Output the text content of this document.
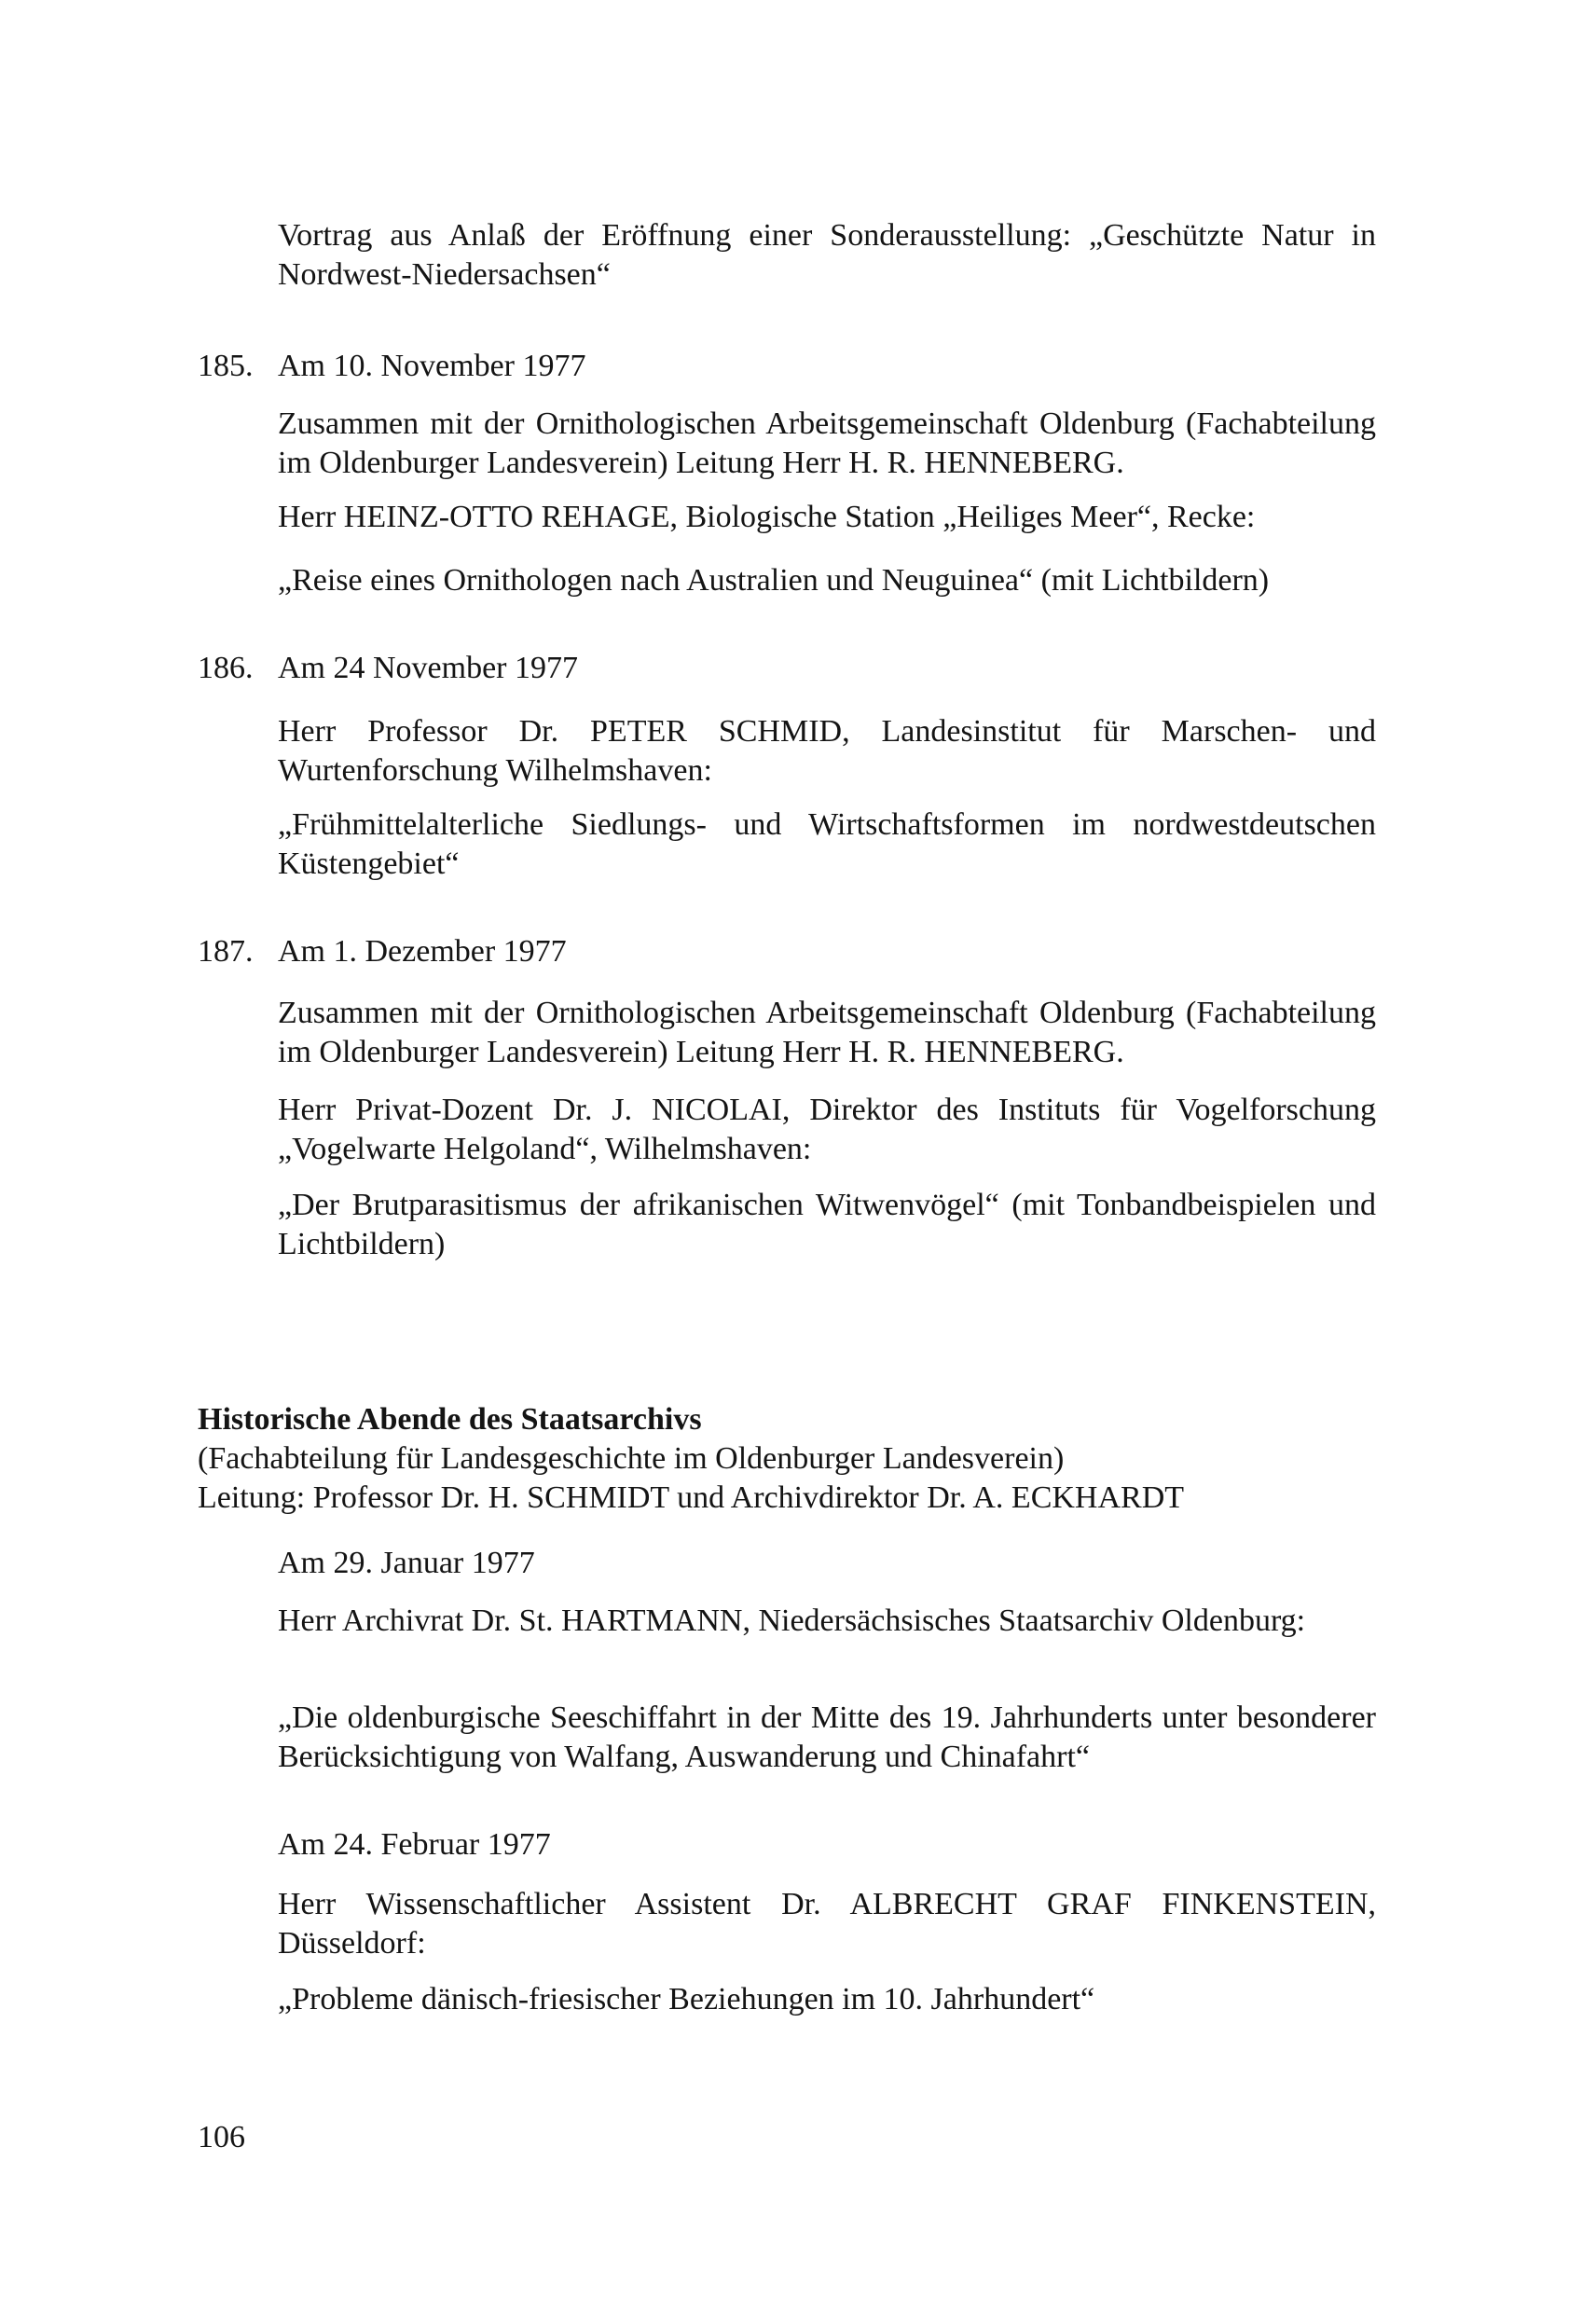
Vortrag aus Anlaß der Eröffnung einer Sonderausstellung: „Geschützte Natur in Nordwest-Niedersachsen“

185. Am 10. November 1977

Zusammen mit der Ornithologischen Arbeitsgemeinschaft Oldenburg (Fachabteilung im Oldenburger Landesverein) Leitung Herr H. R. HENNEBERG.

Herr HEINZ-OTTO REHAGE, Biologische Station „Heiliges Meer“, Recke:

„Reise eines Ornithologen nach Australien und Neuguinea“ (mit Lichtbildern)

186. Am 24 November 1977

Herr Professor Dr. PETER SCHMID, Landesinstitut für Marschen- und Wurtenforschung Wilhelmshaven:

„Frühmittelalterliche Siedlungs- und Wirtschaftsformen im nordwestdeutschen Küstengebiet“

187. Am 1. Dezember 1977

Zusammen mit der Ornithologischen Arbeitsgemeinschaft Oldenburg (Fachabteilung im Oldenburger Landesverein) Leitung Herr H. R. HENNEBERG.

Herr Privat-Dozent Dr. J. NICOLAI, Direktor des Instituts für Vogelforschung „Vogelwarte Helgoland“, Wilhelmshaven:

„Der Brutparasitismus der afrikanischen Witwenvögel“ (mit Tonbandbeispielen und Lichtbildern)

Historische Abende des Staatsarchivs

(Fachabteilung für Landesgeschichte im Oldenburger Landesverein)

Leitung: Professor Dr. H. SCHMIDT und Archivdirektor Dr. A. ECKHARDT

Am 29. Januar 1977

Herr Archivrat Dr. St. HARTMANN, Niedersächsisches Staatsarchiv Oldenburg:

„Die oldenburgische Seeschiffahrt in der Mitte des 19. Jahrhunderts unter besonderer Berücksichtigung von Walfang, Auswanderung und Chinafahrt“

Am 24. Februar 1977

Herr Wissenschaftlicher Assistent Dr. ALBRECHT GRAF FINKENSTEIN, Düsseldorf:

„Probleme dänisch-friesischer Beziehungen im 10. Jahrhundert“

106
